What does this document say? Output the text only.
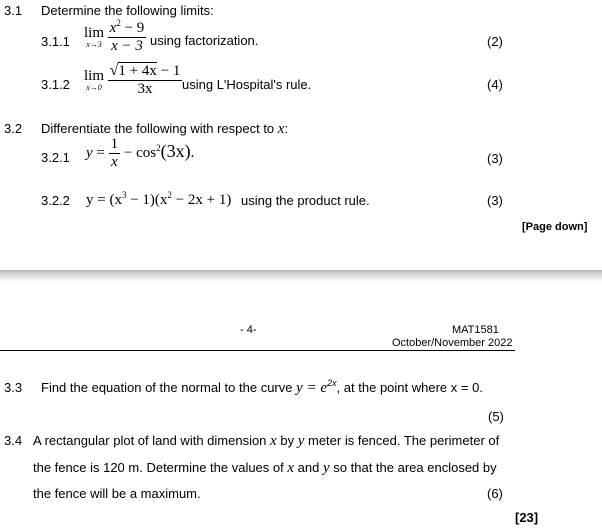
3.1 Determine the following limits:
3.1.1
lim
x→3
$\frac{x^2 - 9}{x - 3}$ using factorization.	(2)
3.1.2
lim
x→0
$\frac{√1 + 4x - 1}{3x}$ using L'Hospital's rule.	(4)
3.2 Differentiate the following with respect to x:
3.2.1 $y = \frac{1}{x} - \cos^2(3x)$.	(3)
3.2.2 $y = (x^3 - 1)(x^2 - 2x + 1)$ using the product rule.	(3)
[Page down]
- 4-	MAT1581
October/November 2022
3.3 Find the equation of the normal to the curve $y = e^{2x}$, at the point where x = 0.
(5)
3.4 A rectangular plot of land with dimension x by y meter is fenced. The perimeter of
the fence is 120 m. Determine the values of x and y so that the area enclosed by
the fence will be a maximum.	(6)
[23]
